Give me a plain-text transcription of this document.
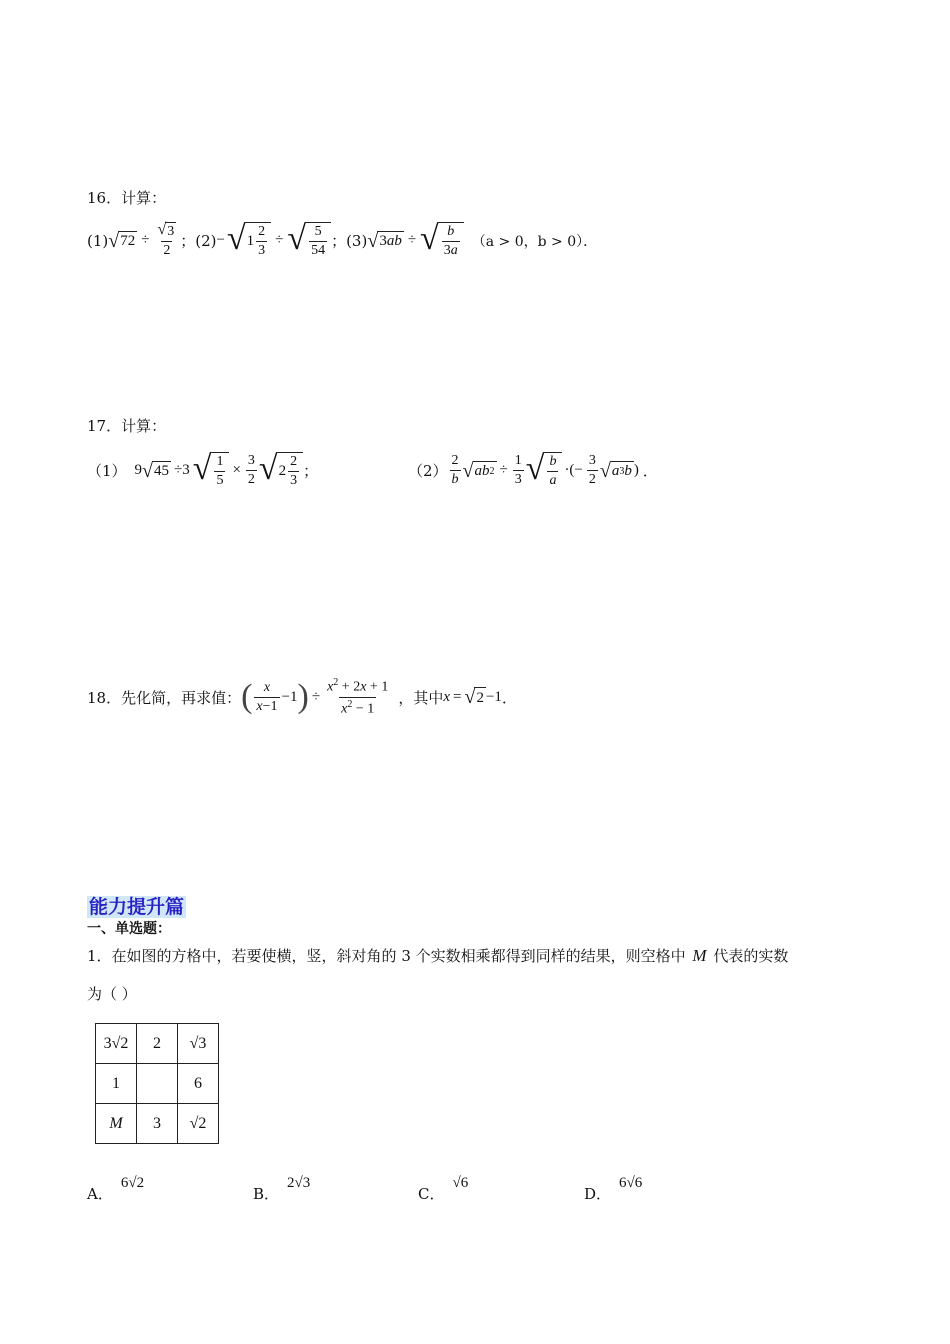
16．计算：
(1) √ $72 \div \frac{√ 3}{2}$ ； (2) − √ $1 \frac{2}{3}$ ÷ √ $\frac{5}{54}$ ； (3) √ 3 ab ÷ √ $\frac{b}{3a} (a > 0$，b > 0）．
17．计算：
（1） 9 √ 45 ÷3 √ $\frac{1}{5} \times \frac{3}{2}$ √ $2 \frac{2}{3}$ ；	$(2) \frac{2}{b}$ √ ab $2 \div \frac{1}{3}$ √ $\frac{b}{a}$ ·(− $\frac{3}{2}$ √ a 3 b ) ．
18．先化简，再求值： ( $\frac{x}{x-1} -1$ ) ÷ $\frac{x^2 + 2x + 1}{x^2 - 1}$ ，其中 x = √ 2 −1 ．
能力提升篇
一、单选题：
1．在如图的方格中，若要使横，竖，斜对角的 3 个实数相乘都得到同样的结果，则空格中 M 代表的实数
为（ ）
3√2	2	√3
1		6
M	3	√2
A．
6√2
B．
2√3
C．
√6
D．
6√6
